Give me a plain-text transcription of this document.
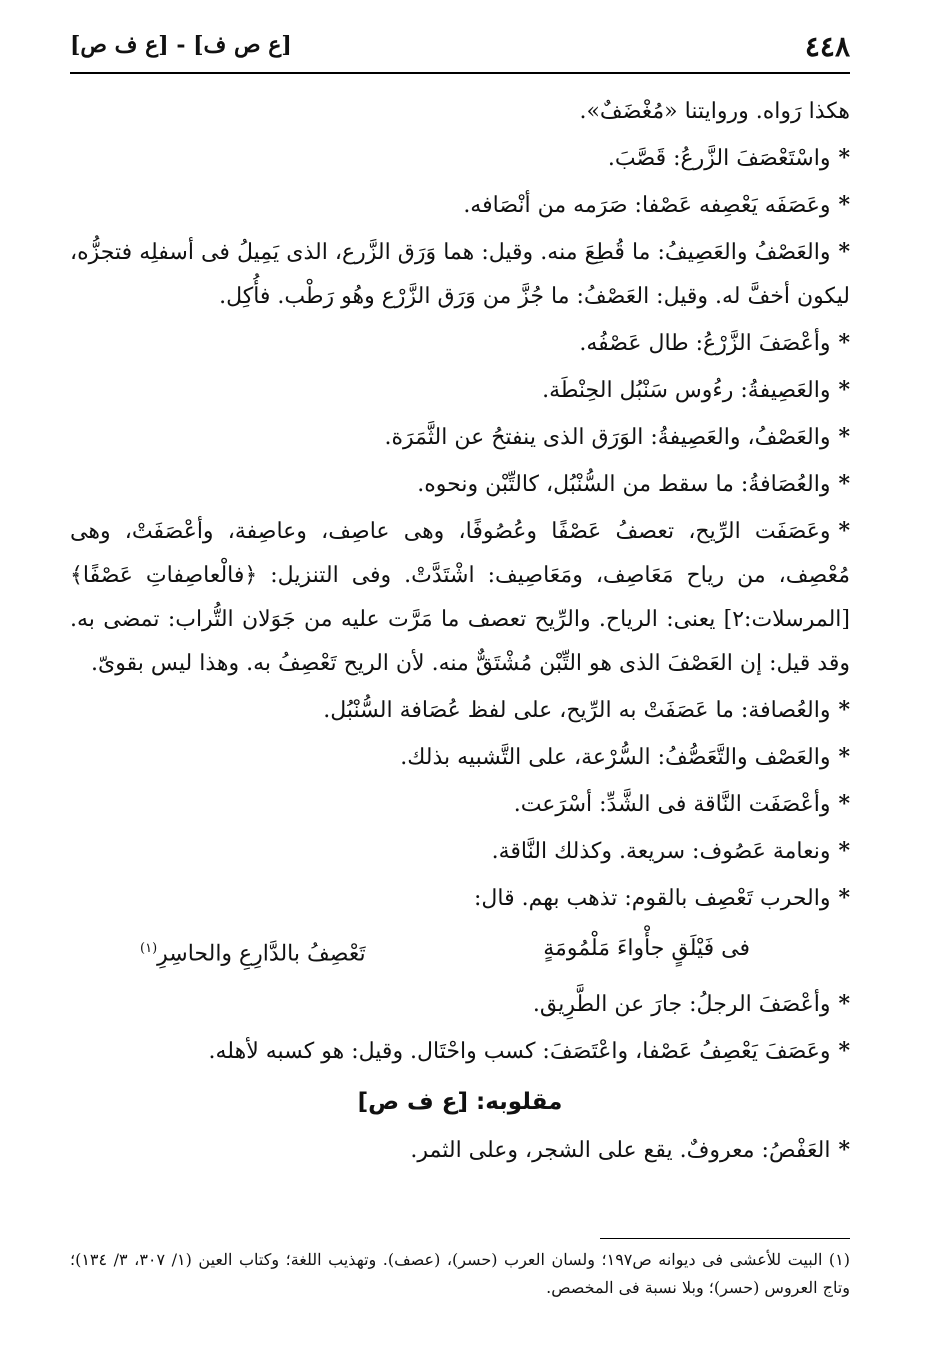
٤٤٨
[ع ص ف] - [ع ف ص]

هكذا رَواه. وروايتنا «مُغْضَفٌ».

*واسْتَعْصَفَ الزَّرعُ: قَصَّبَ.

*وعَصَفَه يَعْصِفه عَصْفا: صَرَمه من أنْصَافه.

*والعَصْفُ والعَصِيفُ: ما قُطِعَ منه. وقيل: هما وَرَق الزَّرع، الذى يَمِيلُ فى أسفلِه فتجزُّه، ليكون أخفَّ له. وقيل: العَصْفُ: ما جُزَّ من وَرَق الزَّرْع وهُو رَطْب. فأُكِل.

*وأعْصَفَ الزَّرْعُ: طال عَصْفُه.

*والعَصِيفةُ: رءُوس سَنْبُل الحِنْطَة.

*والعَصْفُ، والعَصِيفةُ: الوَرَق الذى ينفتحُ عن الثَّمَرَة.

*والعُصَافةُ: ما سقط من السُّنْبُل، كالتِّبْن ونحوه.

*وعَصَفَت الرِّيح، تعصفُ عَصْفًا وعُصُوفًا، وهى عاصِف، وعاصِفة، وأعْصَفَتْ، وهى مُعْصِف، من رياح مَعَاصِف، ومَعَاصِيف: اشْتَدَّتْ. وفى التنزيل: ﴿فالْعاصِفاتِ عَصْفًا﴾ [المرسلات:٢] يعنى: الرياح. والرِّيح تعصف ما مَرَّت عليه من جَوَلان التُّراب: تمضى به. وقد قيل: إن العَصْفَ الذى هو التِّبْن مُشْتَقٌّ منه. لأن الريح تَعْصِفُ به. وهذا ليس بقوىّ.

*والعُصافة: ما عَصَفَتْ به الرِّيح، على لفظ عُصَافة السُّنْبُل.

*والعَصْف والتَّعَصُّفُ: السُّرْعة، على التَّشبيه بذلك.

*وأعْصَفَت النَّاقة فى الشَّدِّ: أسْرَعت.

*ونعامة عَصُوف: سريعة. وكذلك النَّاقة.

*والحرب تَعْصِف بالقوم: تذهب بهم. قال:

فى فَيْلَقٍ جأْواءَ مَلْمُومَةٍ
تَعْصِفُ بالدَّارِعِ والحاسِرِ$^{(١)}$

*وأعْصَفَ الرجلُ: جارَ عن الطَّرِيق.

*وعَصَفَ يَعْصِفُ عَصْفا، واعْتَصَفَ: كسب واحْتَال. وقيل: هو كسبه لأهله.

مقلوبه: [ع ف ص]

*العَفْصُ: معروفٌ. يقع على الشجر، وعلى الثمر.

(١) البيت للأعشى فى ديوانه ص١٩٧؛ ولسان العرب (حسر)، (عصف). وتهذيب اللغة؛ وكتاب العين (١/ ٣٠٧، ٣/ ١٣٤)؛ وتاج العروس (حسر)؛ وبلا نسبة فى المخصص.
